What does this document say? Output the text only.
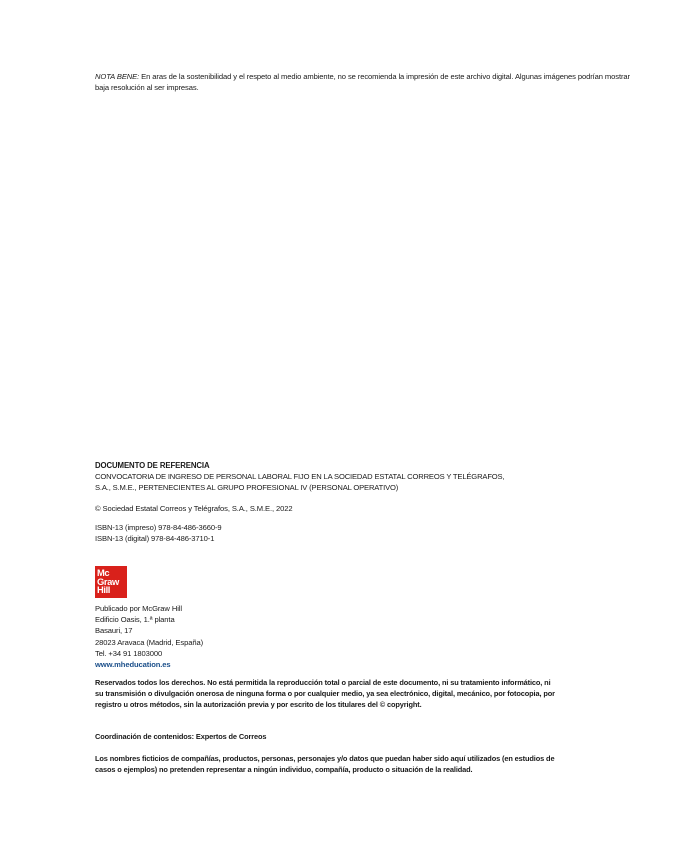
NOTA BENE: En aras de la sostenibilidad y el respeto al medio ambiente, no se recomienda la impresión de este archivo digital. Algunas imágenes podrían mostrar baja resolución al ser impresas.
DOCUMENTO DE REFERENCIA
CONVOCATORIA DE INGRESO DE PERSONAL LABORAL FIJO EN LA SOCIEDAD ESTATAL CORREOS Y TELÉGRAFOS,
S.A., S.M.E., PERTENECIENTES AL GRUPO PROFESIONAL IV (PERSONAL OPERATIVO)
© Sociedad Estatal Correos y Telégrafos, S.A., S.M.E., 2022
ISBN-13 (impreso) 978-84-486-3660-9
ISBN-13 (digital) 978-84-486-3710-1
Mc
Graw
Hill
Publicado por McGraw Hill
Edificio Oasis, 1.ª planta
Basauri, 17
28023 Aravaca (Madrid, España)
Tel. +34 91 1803000
www.mheducation.es
Reservados todos los derechos. No está permitida la reproducción total o parcial de este documento, ni su tratamiento informático, ni su transmisión o divulgación onerosa de ninguna forma o por cualquier medio, ya sea electrónico, digital, mecánico, por fotocopia, por registro u otros métodos, sin la autorización previa y por escrito de los titulares del © copyright.
Coordinación de contenidos: Expertos de Correos
Los nombres ficticios de compañías, productos, personas, personajes y/o datos que puedan haber sido aquí utilizados (en estudios de casos o ejemplos) no pretenden representar a ningún individuo, compañía, producto o situación de la realidad.
